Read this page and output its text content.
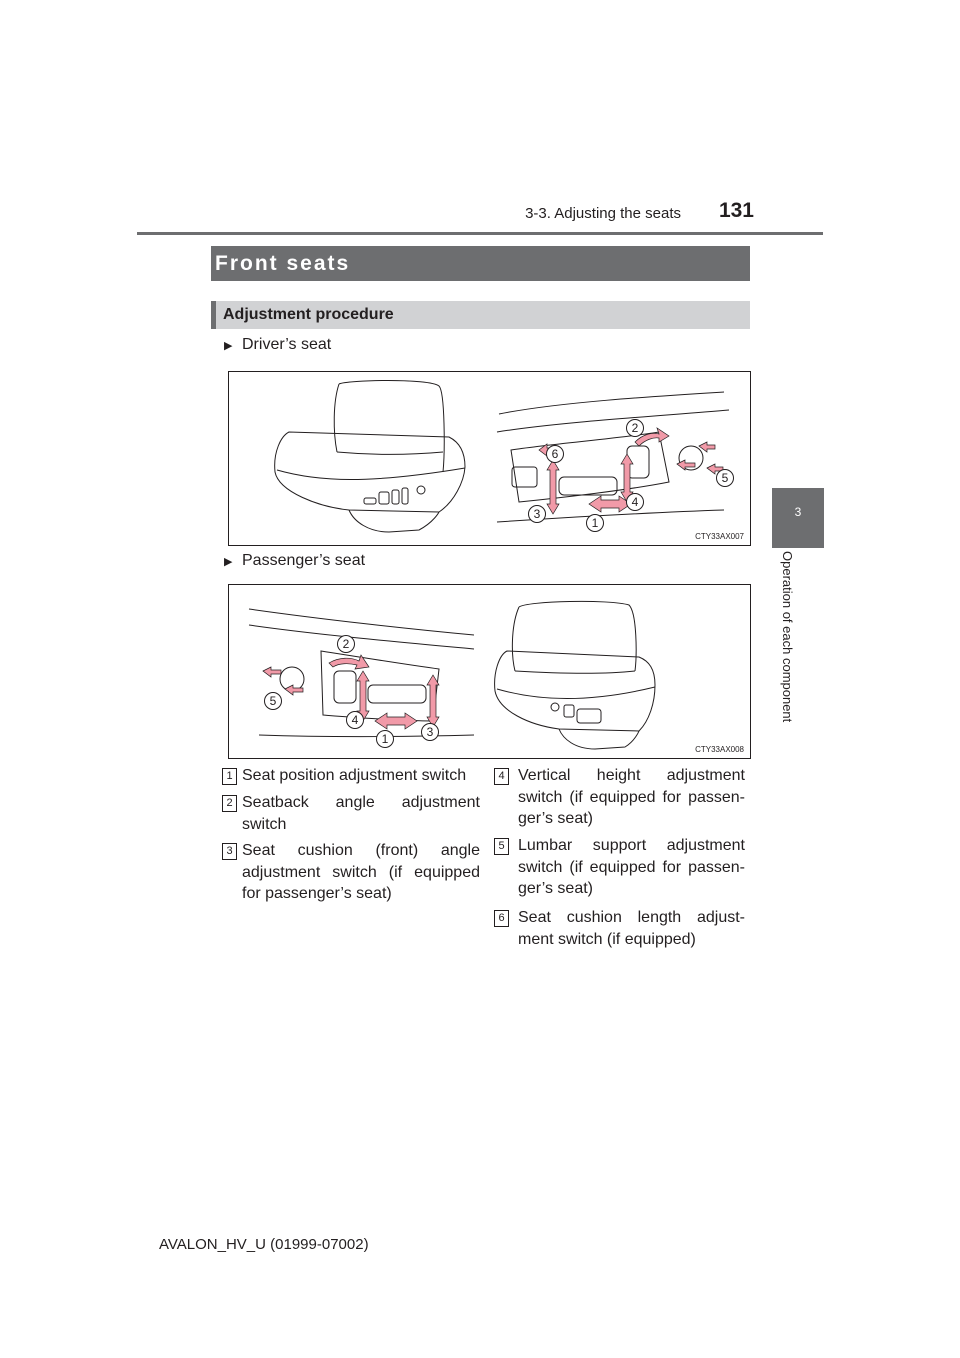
3-3. Adjusting the seats	131
3
Operation of each component
Front seats
Adjustment procedure
▶ Driver’s seat
1
2
3
4
5
6
CTY33AX007
▶ Passenger’s seat
1
2
3
4
5
CTY33AX008
1 Seat position adjustment switch
2 Seatback angle adjustment switch
3 Seat cushion (front) angle adjustment switch (if equipped for passenger’s seat)
4 Vertical height adjustment switch (if equipped for passen-ger’s seat)
5 Lumbar support adjustment switch (if equipped for passen-ger’s seat)
6 Seat cushion length adjust-ment switch (if equipped)
AVALON_HV_U (01999-07002)
